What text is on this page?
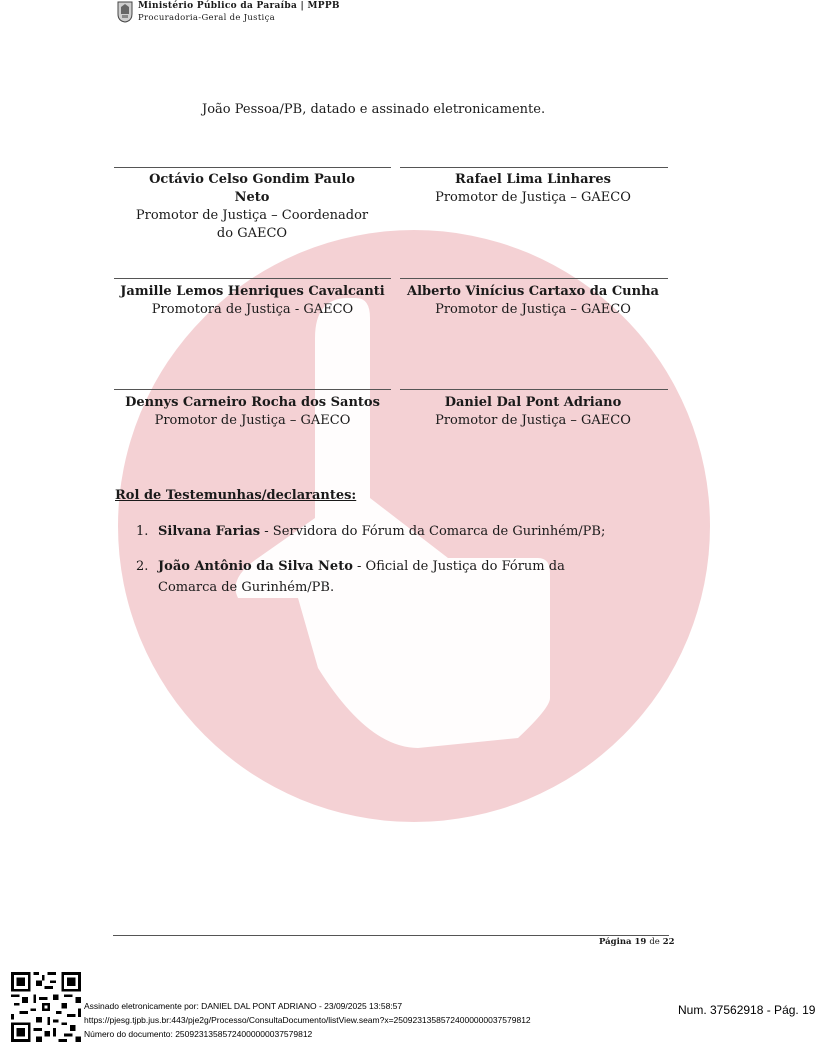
Ministério Público da Paraíba | MPPB
Procuradoria-Geral de Justiça
João Pessoa/PB, datado e assinado eletronicamente.
Octávio Celso Gondim Paulo Neto
Promotor de Justiça – Coordenador do GAECO
Rafael Lima Linhares
Promotor de Justiça – GAECO
Jamille Lemos Henriques Cavalcanti
Promotora de Justiça - GAECO
Alberto Vinícius Cartaxo da Cunha
Promotor de Justiça – GAECO
Dennys Carneiro Rocha dos Santos
Promotor de Justiça – GAECO
Daniel Dal Pont Adriano
Promotor de Justiça – GAECO
Rol de Testemunhas/declarantes:
1. Silvana Farias - Servidora do Fórum da Comarca de Gurinhém/PB;
2. João Antônio da Silva Neto - Oficial de Justiça do Fórum da Comarca de Gurinhém/PB.
Página 19 de 22
Assinado eletronicamente por: DANIEL DAL PONT ADRIANO - 23/09/2025 13:58:57
https://pjesg.tjpb.jus.br:443/pje2g/Processo/ConsultaDocumento/listView.seam?x=25092313585724000000037579812
Número do documento: 25092313585724000000037579812
Num. 37562918 - Pág. 19
